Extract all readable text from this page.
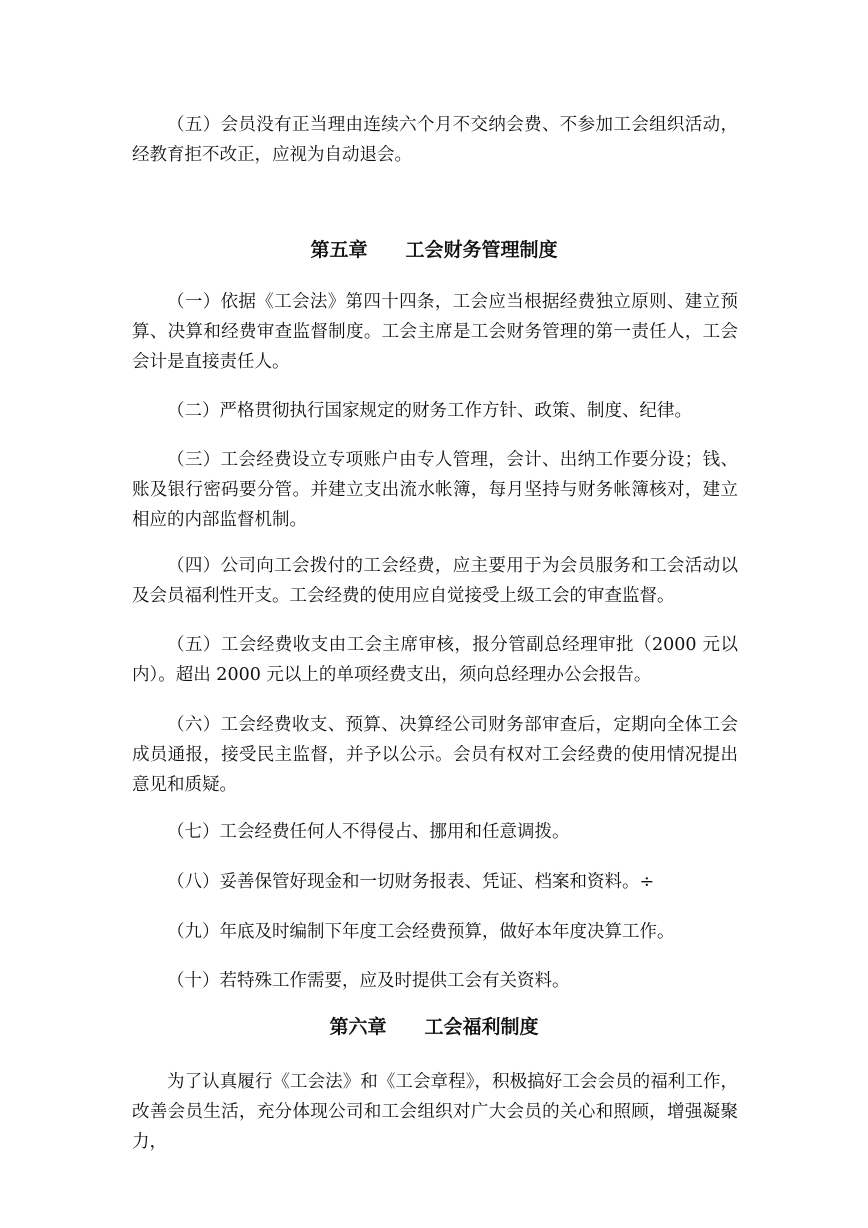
（五）会员没有正当理由连续六个月不交纳会费、不参加工会组织活动，经教育拒不改正，应视为自动退会。

第五章　　工会财务管理制度

（一）依据《工会法》第四十四条，工会应当根据经费独立原则、建立预算、决算和经费审查监督制度。工会主席是工会财务管理的第一责任人，工会会计是直接责任人。

（二）严格贯彻执行国家规定的财务工作方针、政策、制度、纪律。

（三）工会经费设立专项账户由专人管理，会计、出纳工作要分设；钱、账及银行密码要分管。并建立支出流水帐簿，每月坚持与财务帐簿核对，建立相应的内部监督机制。

（四）公司向工会拨付的工会经费，应主要用于为会员服务和工会活动以及会员福利性开支。工会经费的使用应自觉接受上级工会的审查监督。

（五）工会经费收支由工会主席审核，报分管副总经理审批（2000 元以内）。超出 2000 元以上的单项经费支出，须向总经理办公会报告。

（六）工会经费收支、预算、决算经公司财务部审查后，定期向全体工会成员通报，接受民主监督，并予以公示。会员有权对工会经费的使用情况提出意见和质疑。

（七）工会经费任何人不得侵占、挪用和任意调拨。

（八）妥善保管好现金和一切财务报表、凭证、档案和资料。÷

（九）年底及时编制下年度工会经费预算，做好本年度决算工作。

（十）若特殊工作需要，应及时提供工会有关资料。

第六章　　工会福利制度

为了认真履行《工会法》和《工会章程》，积极搞好工会会员的福利工作，改善会员生活，充分体现公司和工会组织对广大会员的关心和照顾，增强凝聚力，
